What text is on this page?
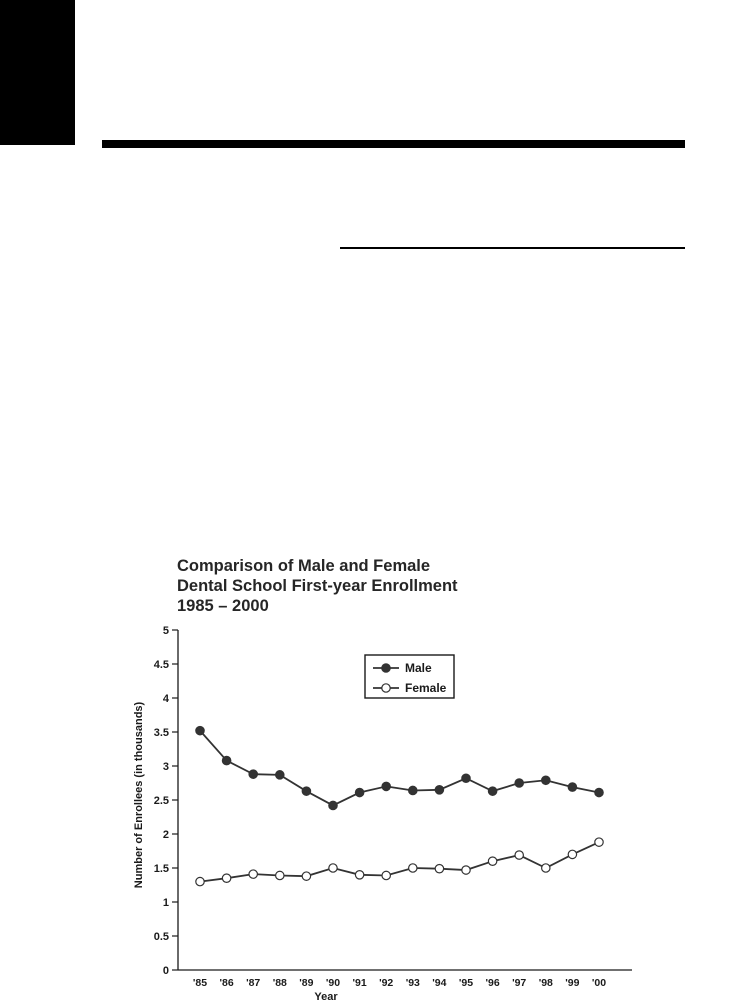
Comparison of Male and Female
Dental School First-year Enrollment
1985 – 2000
0
0.5
1
1.5
2
2.5
3
3.5
4
4.5
5
'85 '86 '87 '88 '89 '90 '91 '92 '93 '94 '95 '96 '97 '98 '99 '00
Year
Number of Enrollees (in thousands)
Male
Female
